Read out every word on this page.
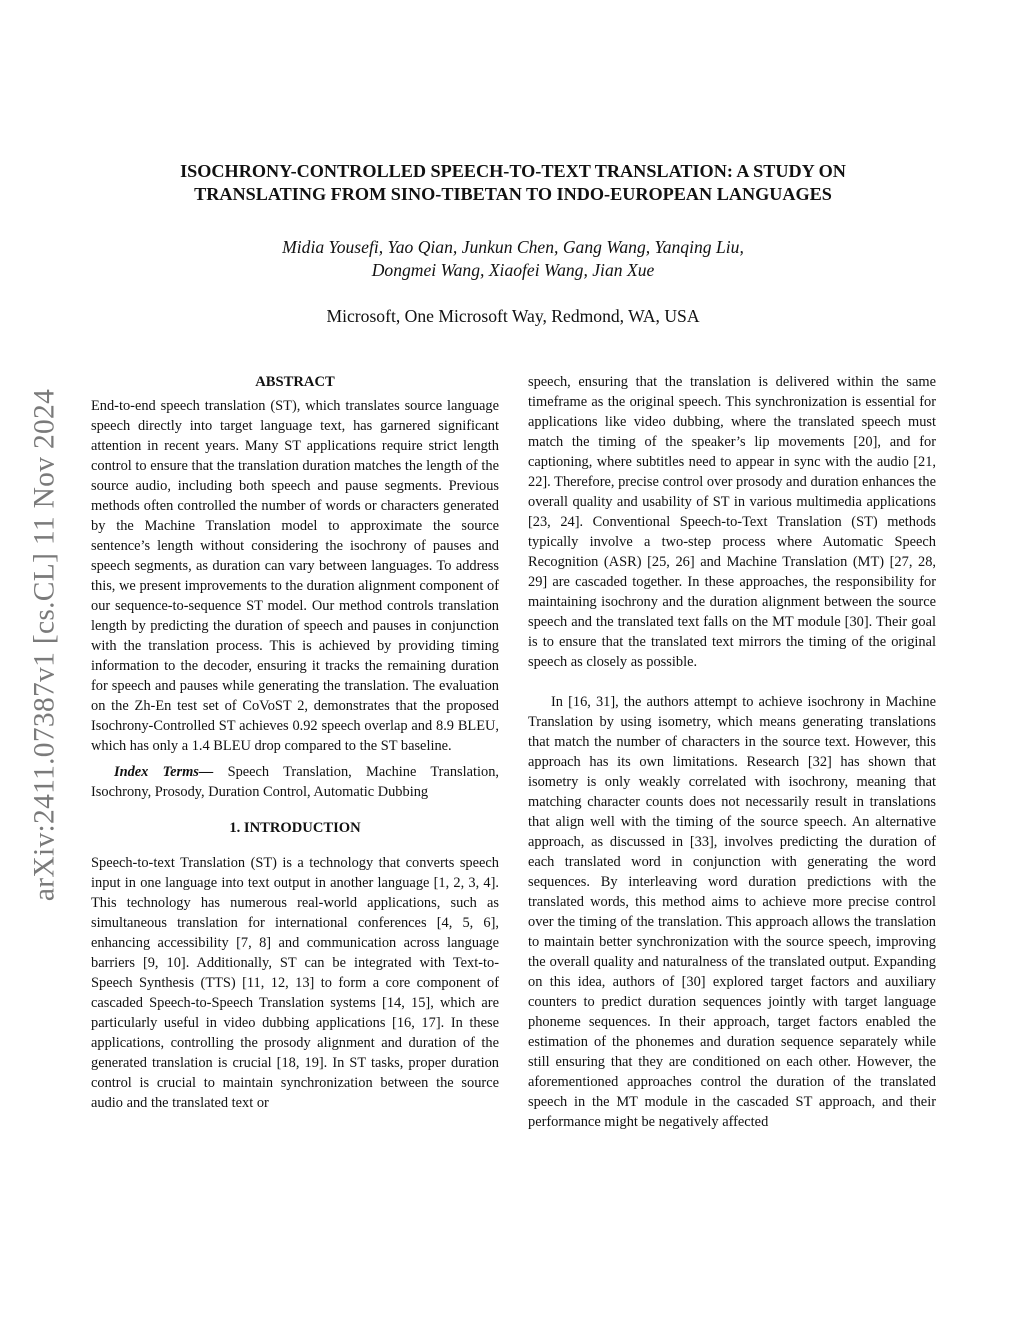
arXiv:2411.07387v1 [cs.CL] 11 Nov 2024
ISOCHRONY-CONTROLLED SPEECH-TO-TEXT TRANSLATION: A STUDY ON
TRANSLATING FROM SINO-TIBETAN TO INDO-EUROPEAN LANGUAGES
Midia Yousefi, Yao Qian, Junkun Chen, Gang Wang, Yanqing Liu,
Dongmei Wang, Xiaofei Wang, Jian Xue
Microsoft, One Microsoft Way, Redmond, WA, USA
ABSTRACT

End-to-end speech translation (ST), which translates source language speech directly into target language text, has garnered significant attention in recent years. Many ST applications require strict length control to ensure that the translation duration matches the length of the source audio, including both speech and pause segments. Previous methods often controlled the number of words or characters generated by the Machine Translation model to approximate the source sentence’s length without considering the isochrony of pauses and speech segments, as duration can vary between languages. To address this, we present improvements to the duration alignment component of our sequence-to-sequence ST model. Our method controls translation length by predicting the duration of speech and pauses in conjunction with the translation process. This is achieved by providing timing information to the decoder, ensuring it tracks the remaining duration for speech and pauses while generating the translation. The evaluation on the Zh-En test set of CoVoST 2, demonstrates that the proposed Isochrony-Controlled ST achieves 0.92 speech overlap and 8.9 BLEU, which has only a 1.4 BLEU drop compared to the ST baseline.

Index Terms— Speech Translation, Machine Translation, Isochrony, Prosody, Duration Control, Automatic Dubbing

1. INTRODUCTION

Speech-to-text Translation (ST) is a technology that converts speech input in one language into text output in another language [1, 2, 3, 4]. This technology has numerous real-world applications, such as simultaneous translation for international conferences [4, 5, 6], enhancing accessibility [7, 8] and communication across language barriers [9, 10]. Additionally, ST can be integrated with Text-to-Speech Synthesis (TTS) [11, 12, 13] to form a core component of cascaded Speech-to-Speech Translation systems [14, 15], which are particularly useful in video dubbing applications [16, 17]. In these applications, controlling the prosody alignment and duration of the generated translation is crucial [18, 19]. In ST tasks, proper duration control is crucial to maintain synchronization between the source audio and the translated text or

speech, ensuring that the translation is delivered within the same timeframe as the original speech. This synchronization is essential for applications like video dubbing, where the translated speech must match the timing of the speaker’s lip movements [20], and for captioning, where subtitles need to appear in sync with the audio [21, 22]. Therefore, precise control over prosody and duration enhances the overall quality and usability of ST in various multimedia applications [23, 24]. Conventional Speech-to-Text Translation (ST) methods typically involve a two-step process where Automatic Speech Recognition (ASR) [25, 26] and Machine Translation (MT) [27, 28, 29] are cascaded together. In these approaches, the responsibility for maintaining isochrony and the duration alignment between the source speech and the translated text falls on the MT module [30]. Their goal is to ensure that the translated text mirrors the timing of the original speech as closely as possible.

In [16, 31], the authors attempt to achieve isochrony in Machine Translation by using isometry, which means generating translations that match the number of characters in the source text. However, this approach has its own limitations. Research [32] has shown that isometry is only weakly correlated with isochrony, meaning that matching character counts does not necessarily result in translations that align well with the timing of the source speech. An alternative approach, as discussed in [33], involves predicting the duration of each translated word in conjunction with generating the word sequences. By interleaving word duration predictions with the translated words, this method aims to achieve more precise control over the timing of the translation. This approach allows the translation to maintain better synchronization with the source speech, improving the overall quality and naturalness of the translated output. Expanding on this idea, authors of [30] explored target factors and auxiliary counters to predict duration sequences jointly with target language phoneme sequences. In their approach, target factors enabled the estimation of the phonemes and duration sequence separately while still ensuring that they are conditioned on each other. However, the aforementioned approaches control the duration of the translated speech in the MT module in the cascaded ST approach, and their performance might be negatively affected
